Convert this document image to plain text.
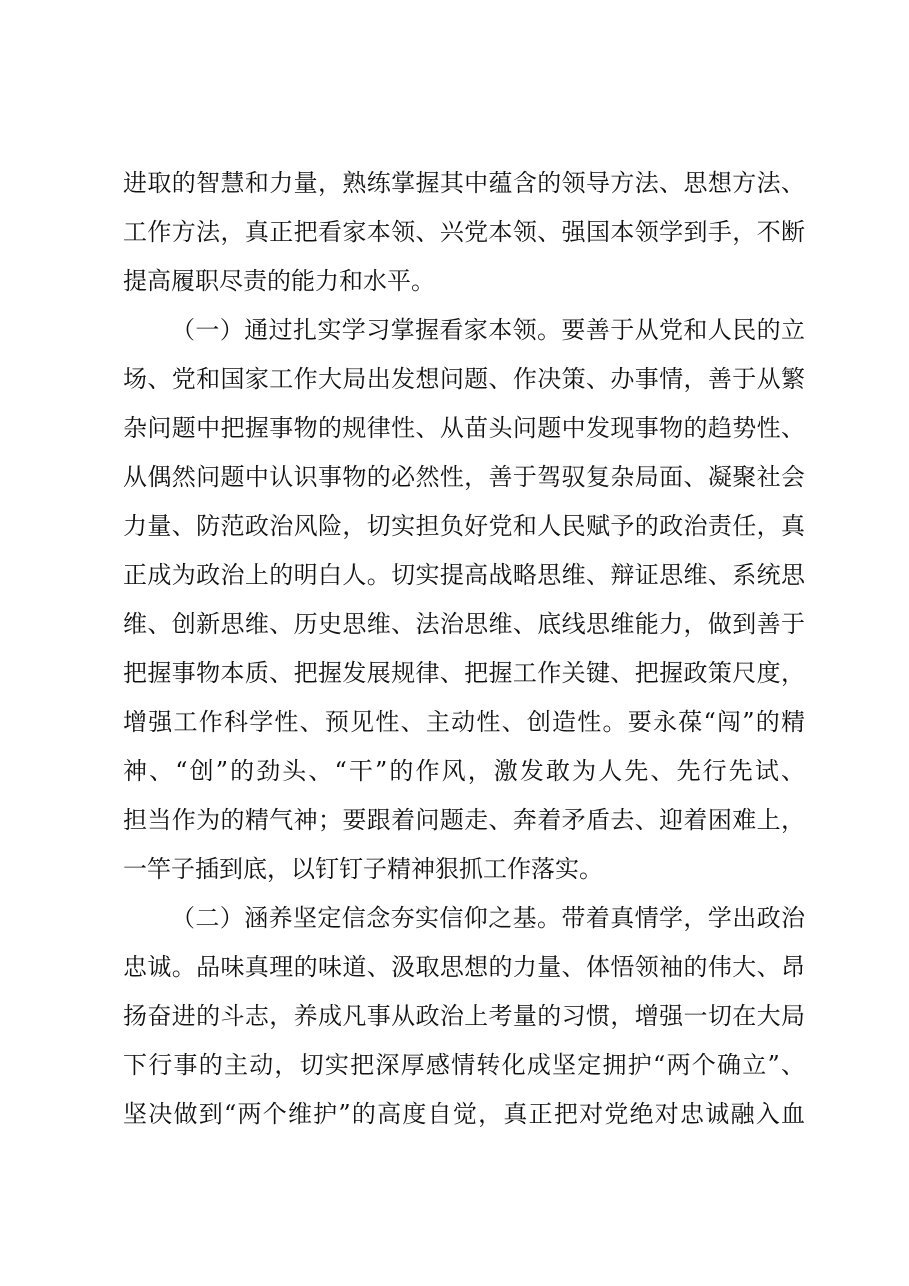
进取的智慧和力量，熟练掌握其中蕴含的领导方法、思想方法、
工作方法，真正把看家本领、兴党本领、强国本领学到手，不断
提高履职尽责的能力和水平。
（一）通过扎实学习掌握看家本领。要善于从党和人民的立
场、党和国家工作大局出发想问题、作决策、办事情，善于从繁
杂问题中把握事物的规律性、从苗头问题中发现事物的趋势性、
从偶然问题中认识事物的必然性，善于驾驭复杂局面、凝聚社会
力量、防范政治风险，切实担负好党和人民赋予的政治责任，真
正成为政治上的明白人。切实提高战略思维、辩证思维、系统思
维、创新思维、历史思维、法治思维、底线思维能力，做到善于
把握事物本质、把握发展规律、把握工作关键、把握政策尺度，
增强工作科学性、预见性、主动性、创造性。要永葆“闯”的精
神、“创”的劲头、“干”的作风，激发敢为人先、先行先试、
担当作为的精气神；要跟着问题走、奔着矛盾去、迎着困难上，
一竿子插到底，以钉钉子精神狠抓工作落实。
（二）涵养坚定信念夯实信仰之基。带着真情学，学出政治
忠诚。品味真理的味道、汲取思想的力量、体悟领袖的伟大、昂
扬奋进的斗志，养成凡事从政治上考量的习惯，增强一切在大局
下行事的主动，切实把深厚感情转化成坚定拥护“两个确立”、
坚决做到“两个维护”的高度自觉，真正把对党绝对忠诚融入血
